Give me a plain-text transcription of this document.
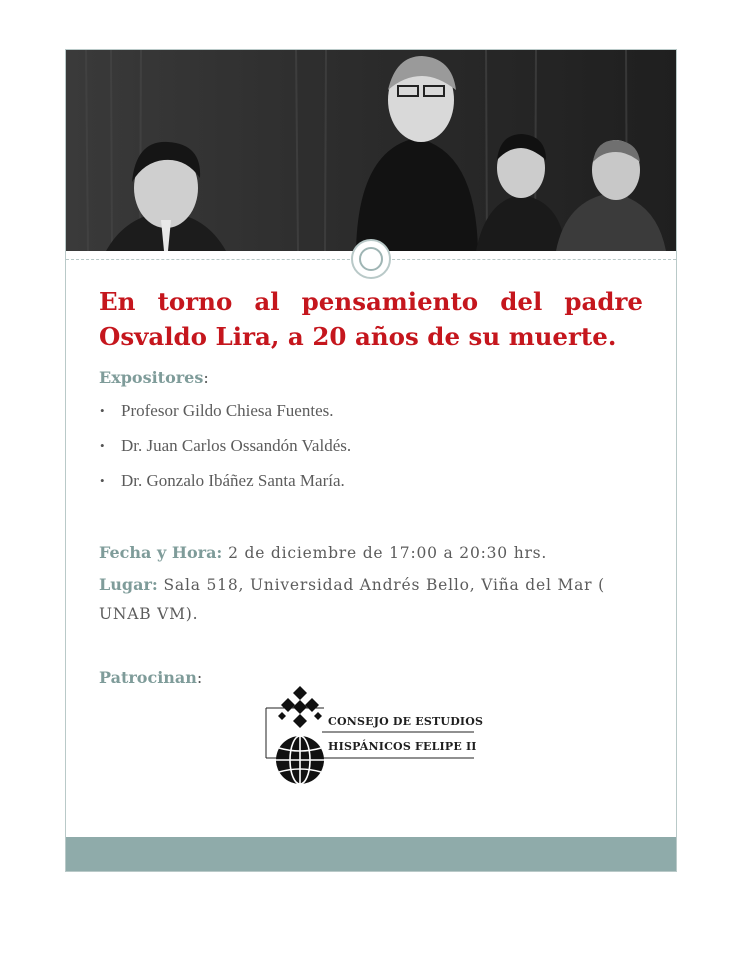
En torno al pensamiento del padre Osvaldo Lira, a 20 años de su muerte.
Expositores:
• Profesor Gildo Chiesa Fuentes.
• Dr. Juan Carlos Ossandón Valdés.
• Dr. Gonzalo Ibáñez Santa María.
Fecha y Hora: 2 de diciembre de 17:00 a 20:30 hrs.
Lugar: Sala 518, Universidad Andrés Bello, Viña del Mar ( UNAB VM).
Patrocinan:
CONSEJO DE ESTUDIOS
HISPÁNICOS FELIPE II
